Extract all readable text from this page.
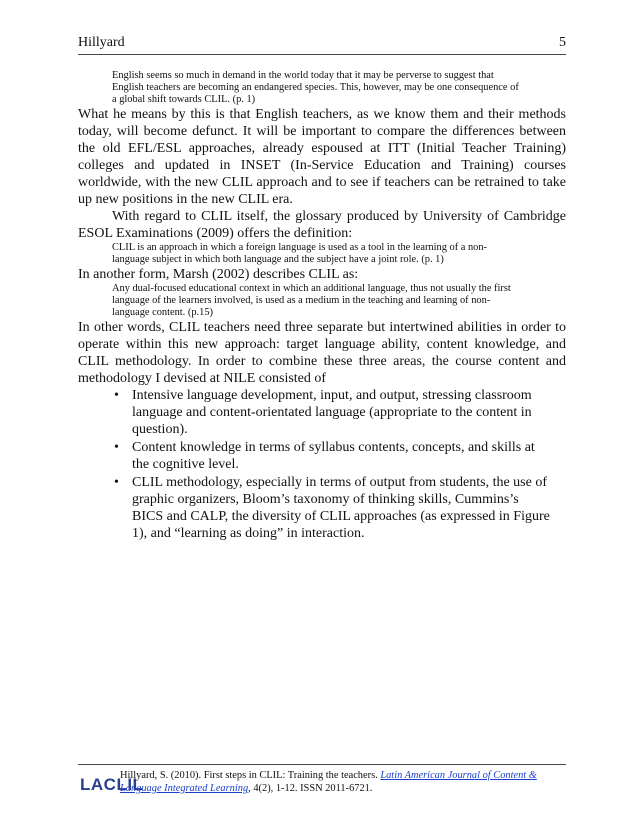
Hillyard	5
English seems so much in demand in the world today that it may be perverse to suggest that
English teachers are becoming an endangered species. This, however, may be one consequence of
a global shift towards CLIL. (p. 1)

What he means by this is that English teachers, as we know them and their methods today, will become defunct. It will be important to compare the differences between the old EFL/ESL approaches, already espoused at ITT (Initial Teacher Training) colleges and updated in INSET (In-Service Education and Training) courses worldwide, with the new CLIL approach and to see if teachers can be retrained to take up new positions in the new CLIL era.

With regard to CLIL itself, the glossary produced by University of Cambridge ESOL Examinations (2009) offers the definition:

CLIL is an approach in which a foreign language is used as a tool in the learning of a non-
language subject in which both language and the subject have a joint role. (p. 1)

In another form, Marsh (2002) describes CLIL as:

Any dual-focused educational context in which an additional language, thus not usually the first
language of the learners involved, is used as a medium in the teaching and learning of non-
language content. (p.15)

In other words, CLIL teachers need three separate but intertwined abilities in order to operate within this new approach: target language ability, content knowledge, and CLIL methodology. In order to combine these three areas, the course content and methodology I devised at NILE consisted of

• Intensive language development, input, and output, stressing classroom language and content-orientated language (appropriate to the content in question).
• Content knowledge in terms of syllabus contents, concepts, and skills at the cognitive level.
• CLIL methodology, especially in terms of output from students, the use of graphic organizers, Bloom’s taxonomy of thinking skills, Cummins’s BICS and CALP, the diversity of CLIL approaches (as expressed in Figure 1), and “learning as doing” in interaction.
LACLIL
Hillyard, S. (2010). First steps in CLIL: Training the teachers. Latin American Journal of Content & Language Integrated Learning, 4(2), 1-12. ISSN 2011-6721.
